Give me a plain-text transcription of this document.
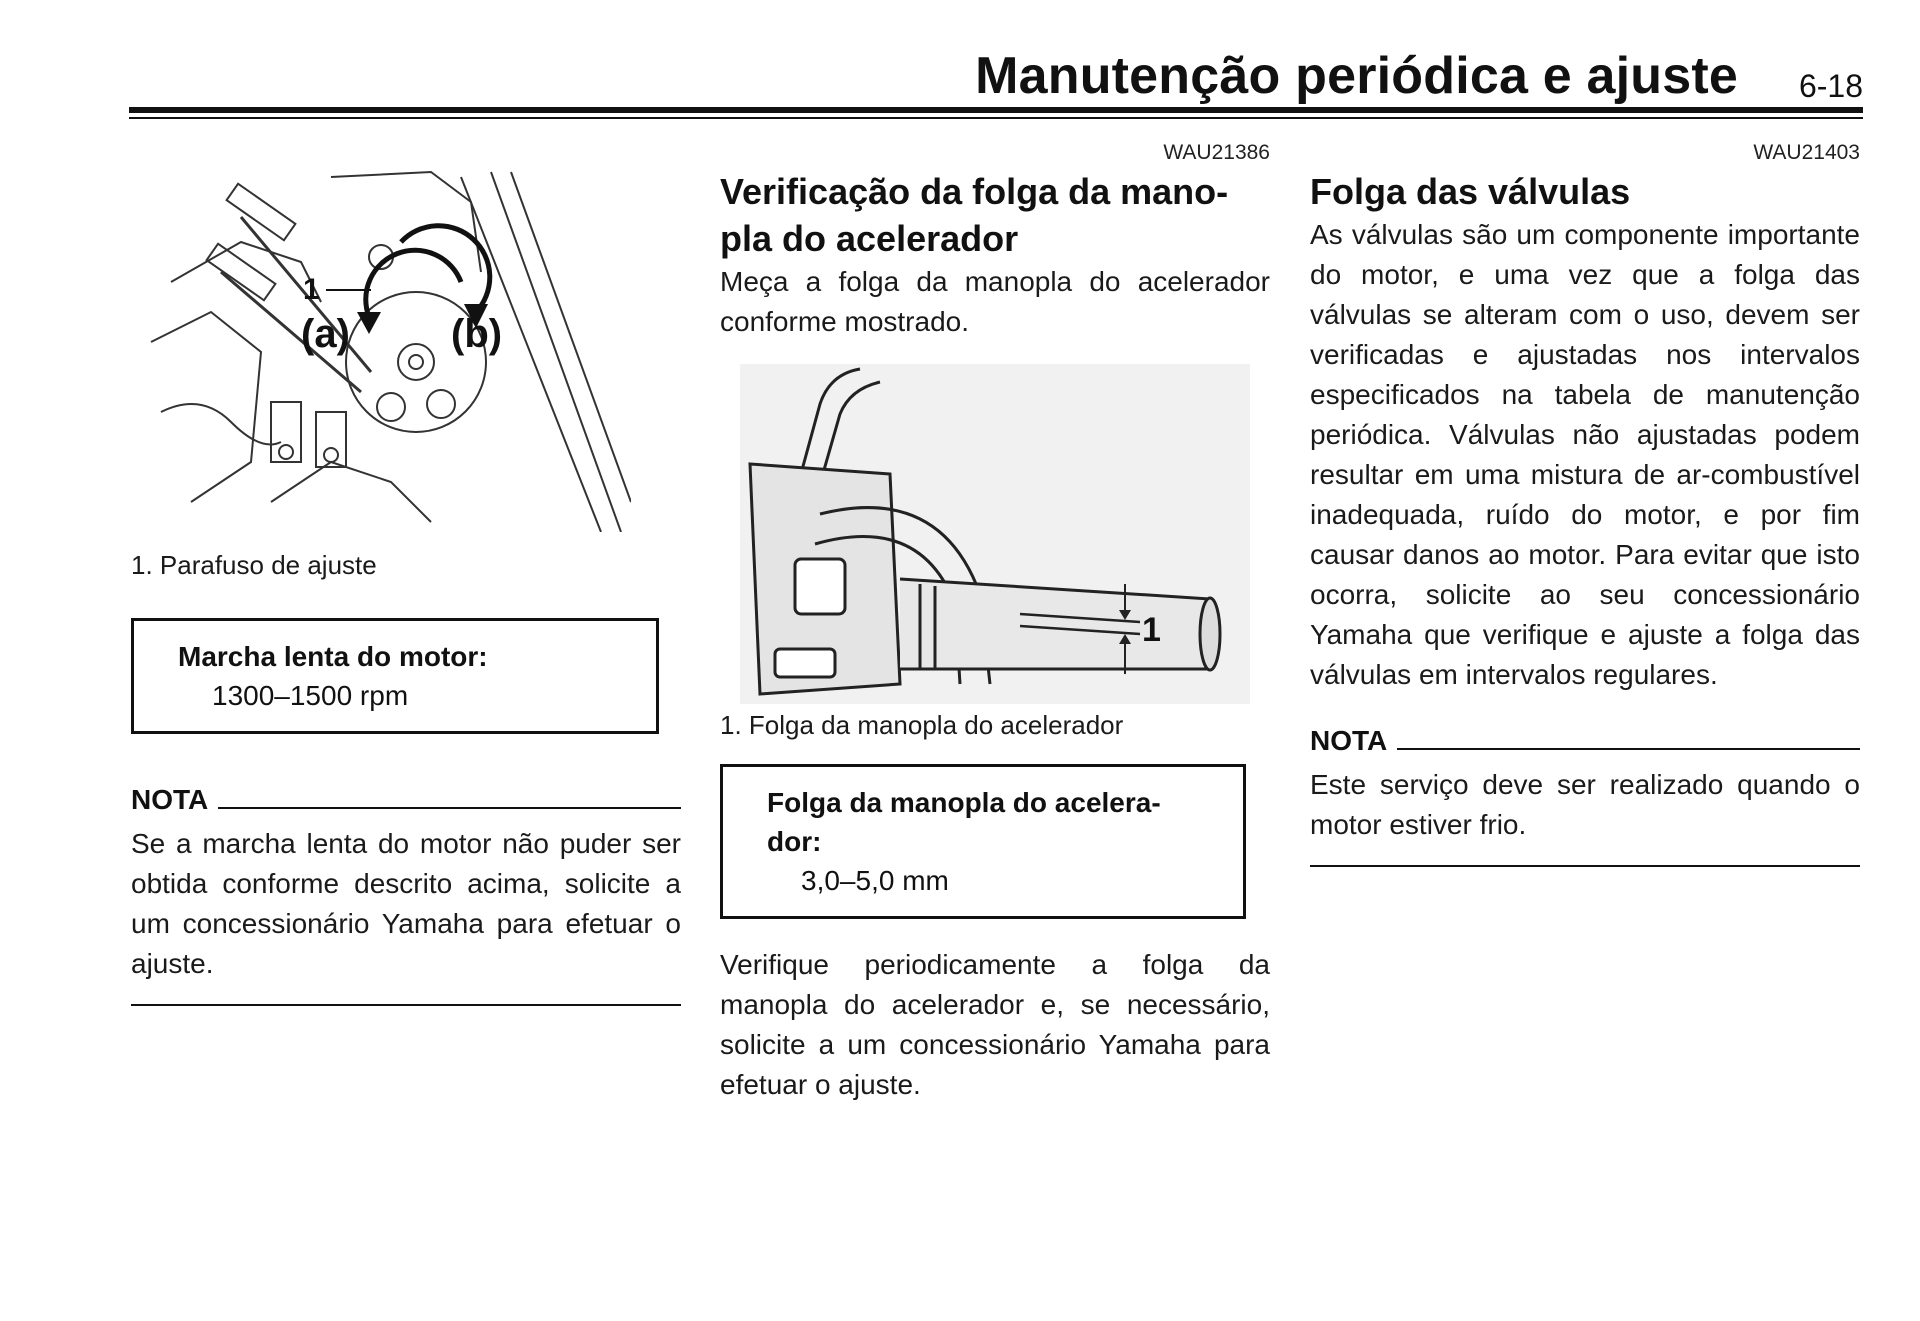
Manutenção periódica e ajuste 6-18
1
(a)	(b)

1. Parafuso de ajuste

Marcha lenta do motor:
1300–1500 rpm
NOTA

Se a marcha lenta do motor não puder ser obtida conforme descrito acima, solicite a um concessionário Yamaha para efetuar o ajuste.

WAU21386
Verificação da folga da mano-
pla do acelerador

Meça a folga da manopla do acelerador conforme mostrado.

1

1. Folga da manopla do acelerador

Folga da manopla do acelera-
dor:
3,0–5,0 mm

Verifique periodicamente a folga da manopla do acelerador e, se necessário, solicite a um concessionário Yamaha para efetuar o ajuste.

WAU21403
Folga das válvulas

As válvulas são um componente importante do motor, e uma vez que a folga das válvulas se alteram com o uso, devem ser verificadas e ajustadas nos intervalos especificados na tabela de manutenção periódica. Válvulas não ajustadas podem resultar em uma mistura de ar-combustível inadequada, ruído do motor, e por fim causar danos ao motor. Para evitar que isto ocorra, solicite ao seu concessionário Yamaha que verifique e ajuste a folga das válvulas em intervalos regulares.

NOTA

Este serviço deve ser realizado quando o motor estiver frio.
